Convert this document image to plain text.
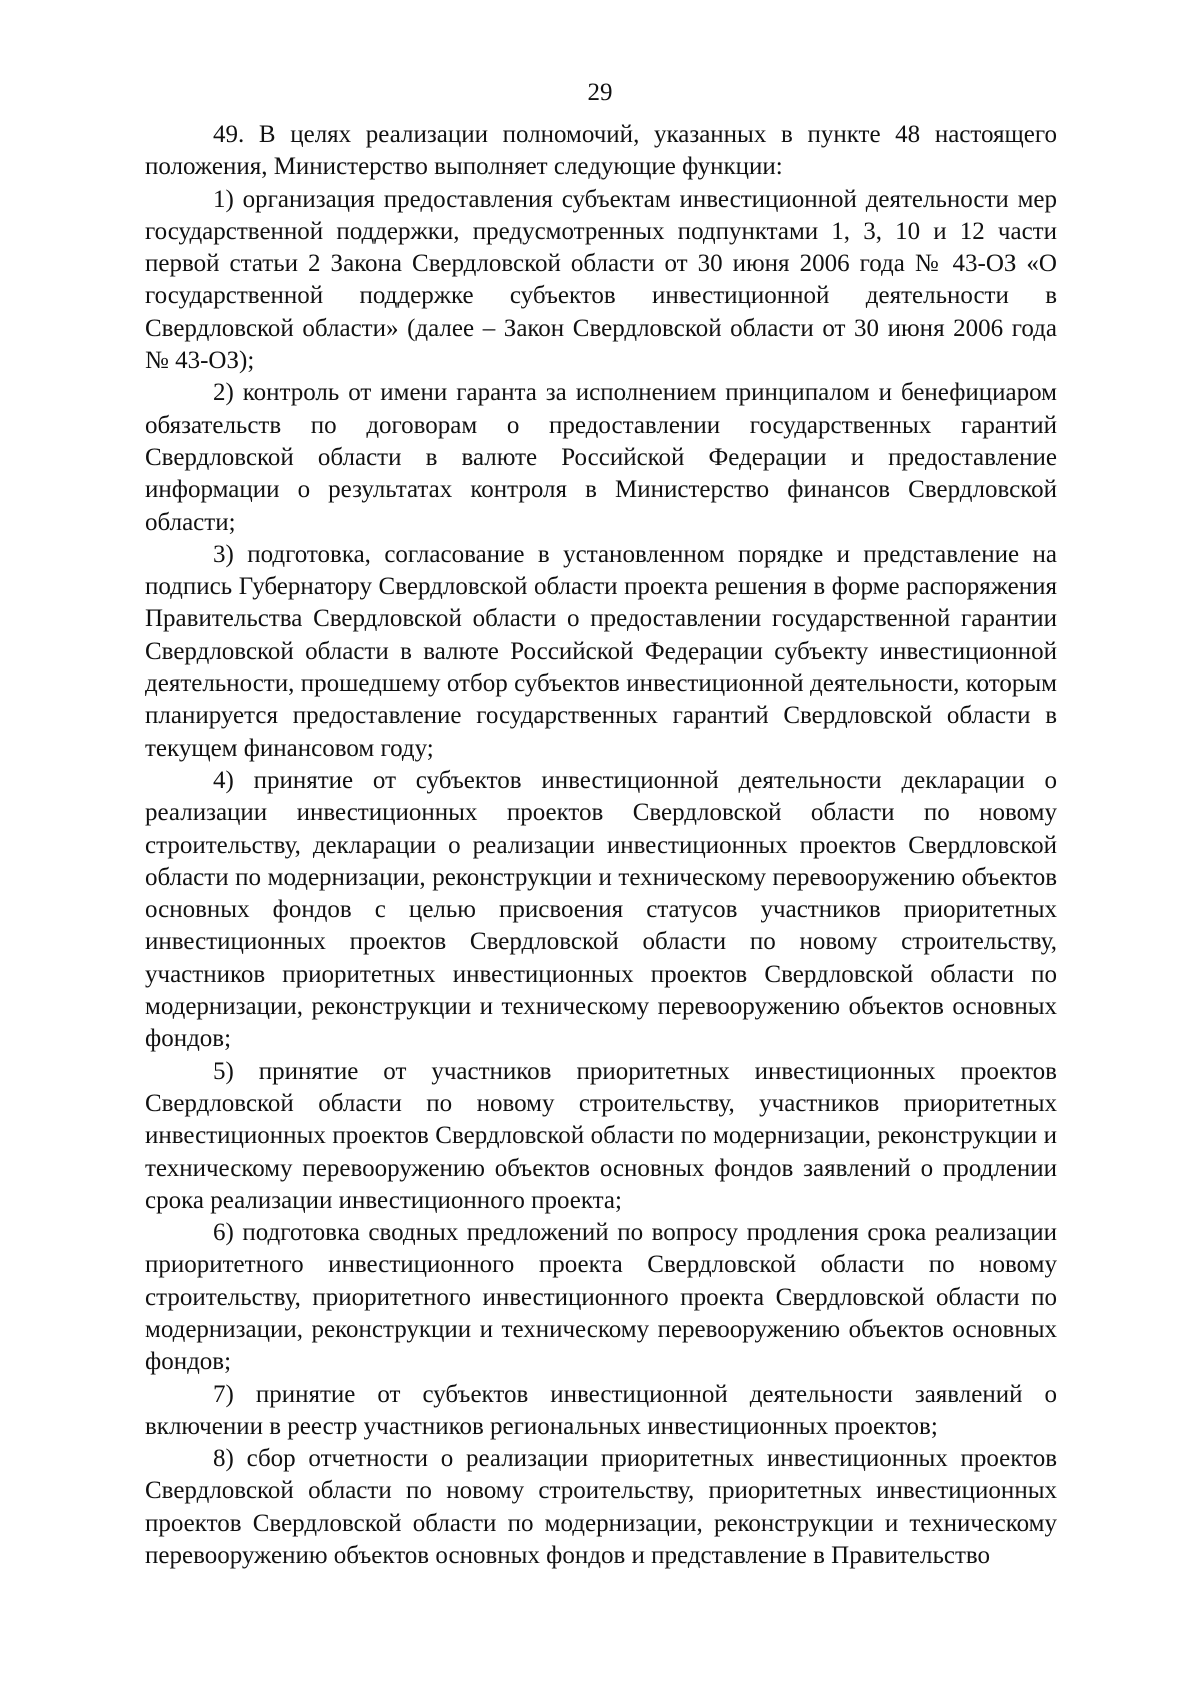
29

49. В целях реализации полномочий, указанных в пункте 48 настоящего положения, Министерство выполняет следующие функции:

1) организация предоставления субъектам инвестиционной деятельности мер государственной поддержки, предусмотренных подпунктами 1, 3, 10 и 12 части первой статьи 2 Закона Свердловской области от 30 июня 2006 года № 43-ОЗ «О государственной поддержке субъектов инвестиционной деятельности в Свердловской области» (далее – Закон Свердловской области от 30 июня 2006 года № 43-ОЗ);

2) контроль от имени гаранта за исполнением принципалом и бенефициаром обязательств по договорам о предоставлении государственных гарантий Свердловской области в валюте Российской Федерации и предоставление информации о результатах контроля в Министерство финансов Свердловской области;

3) подготовка, согласование в установленном порядке и представление на подпись Губернатору Свердловской области проекта решения в форме распоряжения Правительства Свердловской области о предоставлении государственной гарантии Свердловской области в валюте Российской Федерации субъекту инвестиционной деятельности, прошедшему отбор субъектов инвестиционной деятельности, которым планируется предоставление государственных гарантий Свердловской области в текущем финансовом году;

4) принятие от субъектов инвестиционной деятельности декларации о реализации инвестиционных проектов Свердловской области по новому строительству, декларации о реализации инвестиционных проектов Свердловской области по модернизации, реконструкции и техническому перевооружению объектов основных фондов с целью присвоения статусов участников приоритетных инвестиционных проектов Свердловской области по новому строительству, участников приоритетных инвестиционных проектов Свердловской области по модернизации, реконструкции и техническому перевооружению объектов основных фондов;

5) принятие от участников приоритетных инвестиционных проектов Свердловской области по новому строительству, участников приоритетных инвестиционных проектов Свердловской области по модернизации, реконструкции и техническому перевооружению объектов основных фондов заявлений о продлении срока реализации инвестиционного проекта;

6) подготовка сводных предложений по вопросу продления срока реализации приоритетного инвестиционного проекта Свердловской области по новому строительству, приоритетного инвестиционного проекта Свердловской области по модернизации, реконструкции и техническому перевооружению объектов основных фондов;

7) принятие от субъектов инвестиционной деятельности заявлений о включении в реестр участников региональных инвестиционных проектов;

8) сбор отчетности о реализации приоритетных инвестиционных проектов Свердловской области по новому строительству, приоритетных инвестиционных проектов Свердловской области по модернизации, реконструкции и техническому перевооружению объектов основных фондов и представление в Правительство
